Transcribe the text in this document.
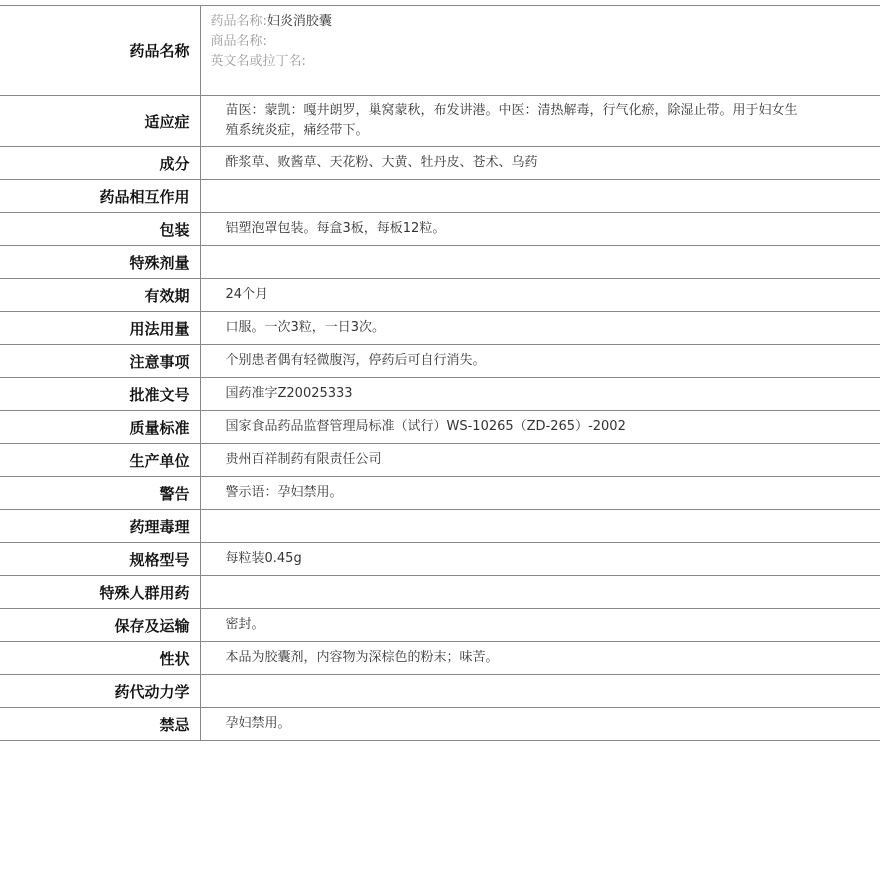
药品名称	药品名称:妇炎消胶囊
商品名称:
英文名或拉丁名:

适应症	苗医：蒙凯：嘎井朗罗，巢窝蒙秋，布发讲港。中医：清热解毒，行气化瘀，除湿止带。用于妇女生殖系统炎症，痛经带下。
成分	酢浆草、败酱草、天花粉、大黄、牡丹皮、苍术、乌药
药品相互作用	
包装	铝塑泡罩包装。每盒3板，每板12粒。
特殊剂量	
有效期	24个月
用法用量	口服。一次3粒，一日3次。
注意事项	个别患者偶有轻微腹泻，停药后可自行消失。
批准文号	国药准字Z20025333
质量标准	国家食品药品监督管理局标准（试行）WS-10265（ZD-265）-2002
生产单位	贵州百祥制药有限责任公司
警告	警示语：孕妇禁用。
药理毒理	
规格型号	每粒装0.45g
特殊人群用药	
保存及运输	密封。
性状	本品为胶囊剂，内容物为深棕色的粉末；味苦。
药代动力学	
禁忌	孕妇禁用。
